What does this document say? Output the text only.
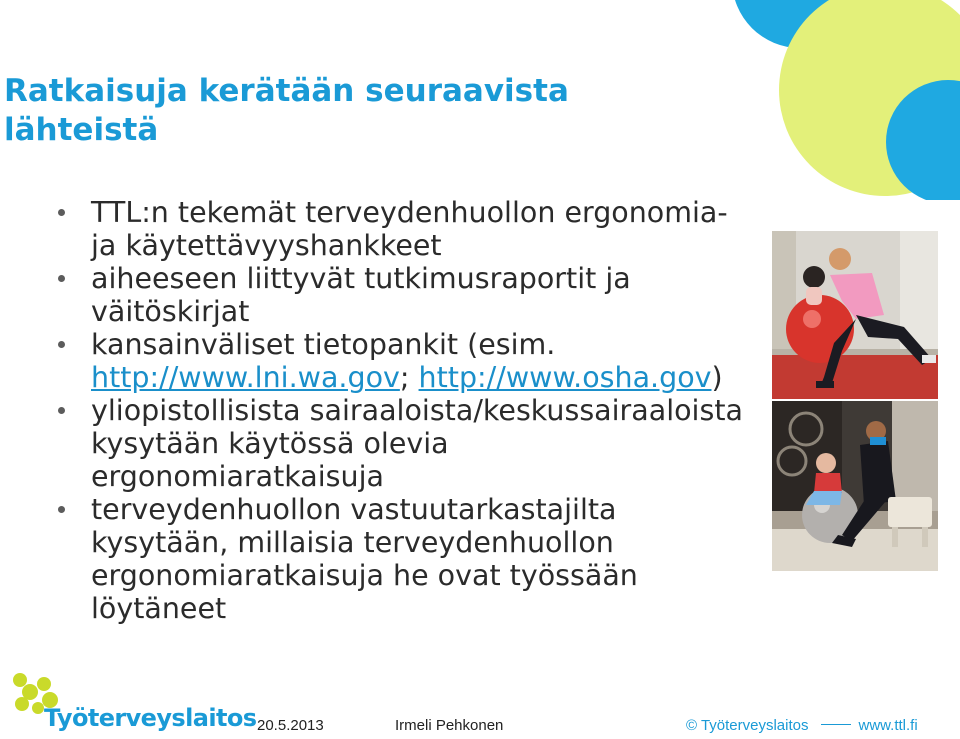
Ratkaisuja kerätään seuraavista lähteistä
TTL:n tekemät terveydenhuollon ergonomia- ja käytettävyyshankkeet
aiheeseen liittyvät tutkimusraportit ja väitöskirjat
kansainväliset tietopankit (esim. http://www.lni.wa.gov; http://www.osha.gov)
yliopistollisista sairaaloista/keskussairaaloista kysytään käytössä olevia ergonomiaratkaisuja
terveydenhuollon vastuutarkastajilta kysytään, millaisia terveydenhuollon ergonomiaratkaisuja he ovat työssään löytäneet
Työterveyslaitos 20.5.2013	Irmeli Pehkonen	© Työterveyslaitos	www.ttl.fi
